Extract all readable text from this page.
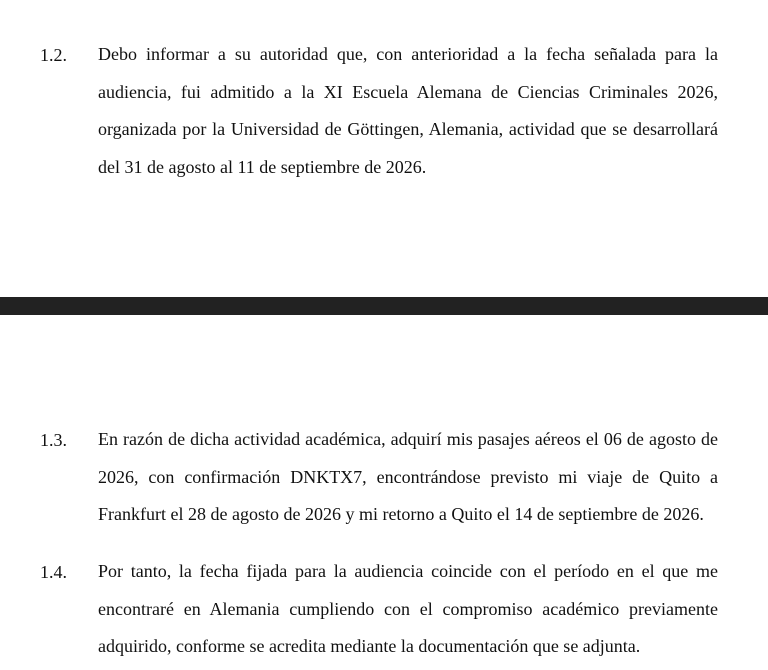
1.2. Debo informar a su autoridad que, con anterioridad a la fecha señalada para la
audiencia, fui admitido a la XI Escuela Alemana de Ciencias Criminales 2026,
organizada por la Universidad de Göttingen, Alemania, actividad que se desarrollará
del 31 de agosto al 11 de septiembre de 2026.
1.3. En razón de dicha actividad académica, adquirí mis pasajes aéreos el 06 de agosto de
2026, con confirmación DNKTX7, encontrándose previsto mi viaje de Quito a
Frankfurt el 28 de agosto de 2026 y mi retorno a Quito el 14 de septiembre de 2026.
1.4. Por tanto, la fecha fijada para la audiencia coincide con el período en el que me
encontraré en Alemania cumpliendo con el compromiso académico previamente
adquirido, conforme se acredita mediante la documentación que se adjunta.
